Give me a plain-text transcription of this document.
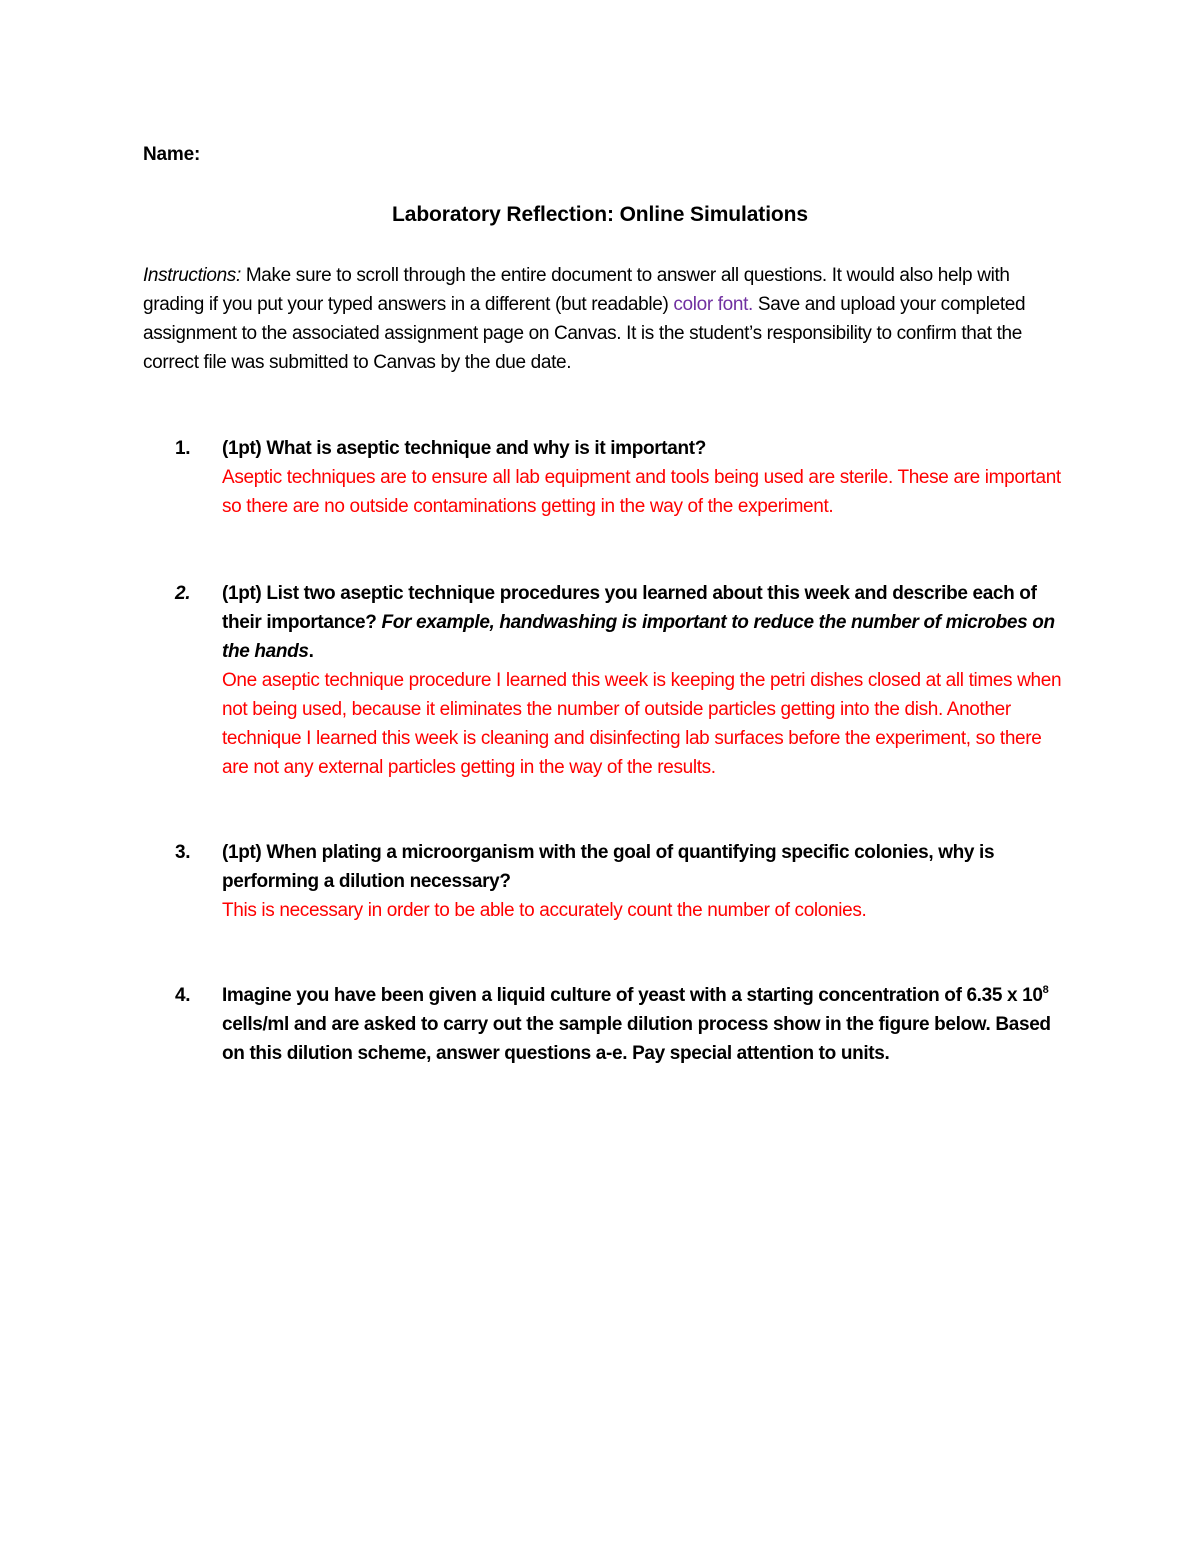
Name:
Laboratory Reflection: Online Simulations
Instructions: Make sure to scroll through the entire document to answer all questions. It would also help with grading if you put your typed answers in a different (but readable) color font. Save and upload your completed assignment to the associated assignment page on Canvas. It is the student’s responsibility to confirm that the correct file was submitted to Canvas by the due date.
1. (1pt) What is aseptic technique and why is it important?
Aseptic techniques are to ensure all lab equipment and tools being used are sterile. These are important so there are no outside contaminations getting in the way of the experiment.
2. (1pt) List two aseptic technique procedures you learned about this week and describe each of their importance? For example, handwashing is important to reduce the number of microbes on the hands.
One aseptic technique procedure I learned this week is keeping the petri dishes closed at all times when not being used, because it eliminates the number of outside particles getting into the dish. Another technique I learned this week is cleaning and disinfecting lab surfaces before the experiment, so there are not any external particles getting in the way of the results.
3. (1pt) When plating a microorganism with the goal of quantifying specific colonies, why is performing a dilution necessary?
This is necessary in order to be able to accurately count the number of colonies.
4. Imagine you have been given a liquid culture of yeast with a starting concentration of 6.35 x $10^8$ cells/ml and are asked to carry out the sample dilution process show in the figure below. Based on this dilution scheme, answer questions a-e. Pay special attention to units.
